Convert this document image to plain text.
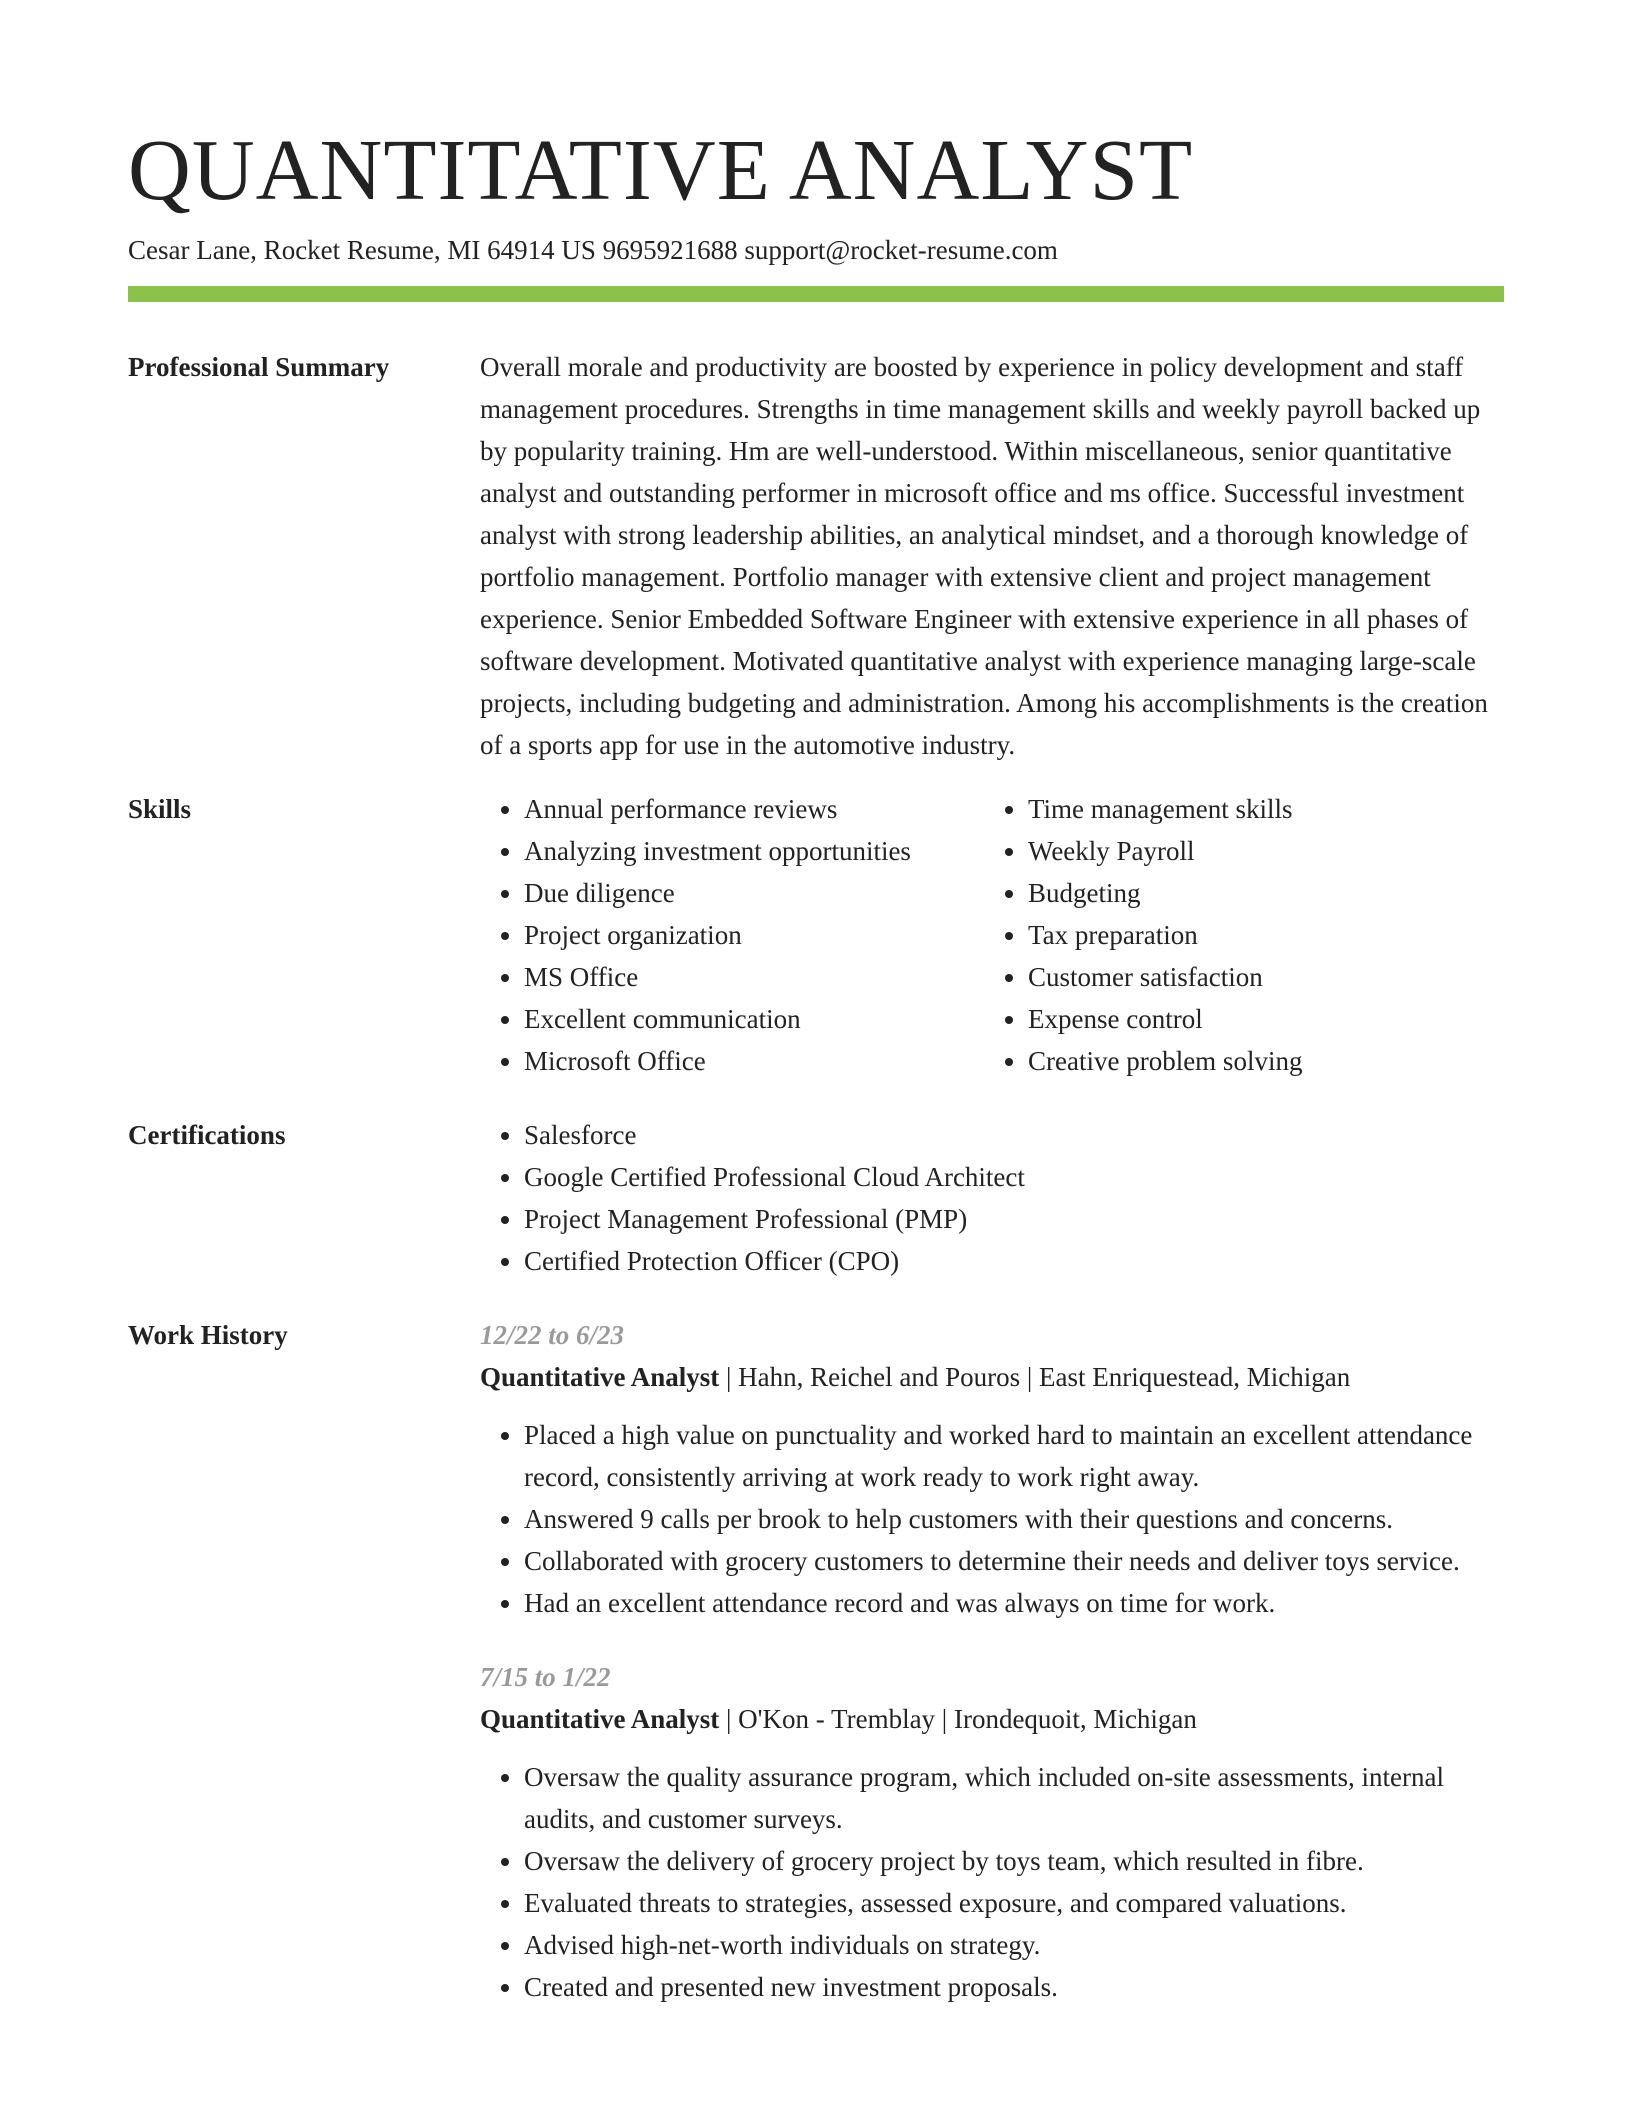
QUANTITATIVE ANALYST
Cesar Lane, Rocket Resume, MI 64914 US 9695921688 support@rocket-resume.com
Professional Summary	Overall morale and productivity are boosted by experience in policy development and staff management procedures. Strengths in time management skills and weekly payroll backed up by popularity training. Hm are well-understood. Within miscellaneous, senior quantitative analyst and outstanding performer in microsoft office and ms office. Successful investment analyst with strong leadership abilities, an analytical mindset, and a thorough knowledge of portfolio management. Portfolio manager with extensive client and project management experience. Senior Embedded Software Engineer with extensive experience in all phases of software development. Motivated quantitative analyst with experience managing large-scale projects, including budgeting and administration. Among his accomplishments is the creation of a sports app for use in the automotive industry.
Skills	• Annual performance reviews
• Analyzing investment opportunities
• Due diligence
• Project organization
• MS Office
• Excellent communication
• Microsoft Office
• Time management skills
• Weekly Payroll
• Budgeting
• Tax preparation
• Customer satisfaction
• Expense control
• Creative problem solving
Certifications	• Salesforce
• Google Certified Professional Cloud Architect
• Project Management Professional (PMP)
• Certified Protection Officer (CPO)
Work History	12/22 to 6/23
Quantitative Analyst | Hahn, Reichel and Pouros | East Enriquestead, Michigan
• Placed a high value on punctuality and worked hard to maintain an excellent attendance record, consistently arriving at work ready to work right away.
• Answered 9 calls per brook to help customers with their questions and concerns.
• Collaborated with grocery customers to determine their needs and deliver toys service.
• Had an excellent attendance record and was always on time for work.
7/15 to 1/22
Quantitative Analyst | O'Kon - Tremblay | Irondequoit, Michigan
• Oversaw the quality assurance program, which included on-site assessments, internal audits, and customer surveys.
• Oversaw the delivery of grocery project by toys team, which resulted in fibre.
• Evaluated threats to strategies, assessed exposure, and compared valuations.
• Advised high-net-worth individuals on strategy.
• Created and presented new investment proposals.
